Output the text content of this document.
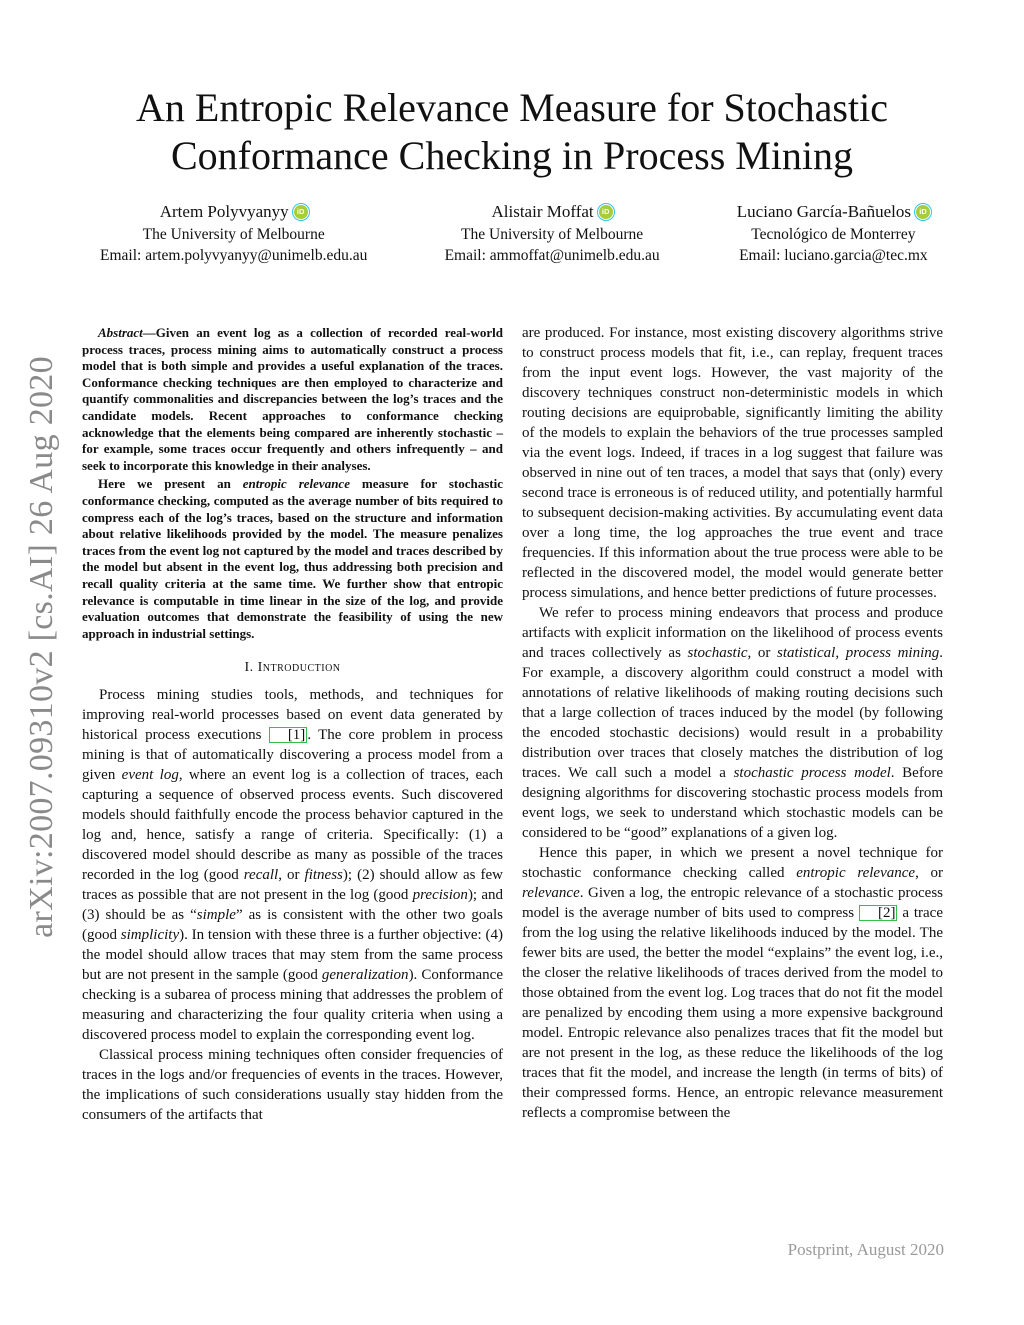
arXiv:2007.09310v2 [cs.AI] 26 Aug 2020
An Entropic Relevance Measure for Stochastic
Conformance Checking in Process Mining
Artem Polyvyanyy	iD
The University of Melbourne
Email: artem.polyvyanyy@unimelb.edu.au
Alistair Moffat	iD
The University of Melbourne
Email: ammoffat@unimelb.edu.au
Luciano García-Bañuelos	iD
Tecnológico de Monterrey
Email: luciano.garcia@tec.mx

Abstract—Given an event log as a collection of recorded real-world process traces, process mining aims to automatically construct a process model that is both simple and provides a useful explanation of the traces. Conformance checking techniques are then employed to characterize and quantify commonalities and discrepancies between the log’s traces and the candidate models. Recent approaches to conformance checking acknowledge that the elements being compared are inherently stochastic – for example, some traces occur frequently and others infrequently – and seek to incorporate this knowledge in their analyses.

Here we present an entropic relevance measure for stochastic conformance checking, computed as the average number of bits required to compress each of the log’s traces, based on the structure and information about relative likelihoods provided by the model. The measure penalizes traces from the event log not captured by the model and traces described by the model but absent in the event log, thus addressing both precision and recall quality criteria at the same time. We further show that entropic relevance is computable in time linear in the size of the log, and provide evaluation outcomes that demonstrate the feasibility of using the new approach in industrial settings.

I. Introduction

Process mining studies tools, methods, and techniques for improving real-world processes based on event data generated by historical process executions [1] . The core problem in process mining is that of automatically discovering a process model from a given event log, where an event log is a collection of traces, each capturing a sequence of observed process events. Such discovered models should faithfully encode the process behavior captured in the log and, hence, satisfy a range of criteria. Specifically: (1) a discovered model should describe as many as possible of the traces recorded in the log (good recall, or fitness); (2) should allow as few traces as possible that are not present in the log (good precision); and (3) should be as “simple” as is consistent with the other two goals (good simplicity). In tension with these three is a further objective: (4) the model should allow traces that may stem from the same process but are not present in the sample (good generalization). Conformance checking is a subarea of process mining that addresses the problem of measuring and characterizing the four quality criteria when using a discovered process model to explain the corresponding event log.

Classical process mining techniques often consider frequencies of traces in the logs and/or frequencies of events in the traces. However, the implications of such considerations usually stay hidden from the consumers of the artifacts that

are produced. For instance, most existing discovery algorithms strive to construct process models that fit, i.e., can replay, frequent traces from the input event logs. However, the vast majority of the discovery techniques construct non-deterministic models in which routing decisions are equiprobable, significantly limiting the ability of the models to explain the behaviors of the true processes sampled via the event logs. Indeed, if traces in a log suggest that failure was observed in nine out of ten traces, a model that says that (only) every second trace is erroneous is of reduced utility, and potentially harmful to subsequent decision-making activities. By accumulating event data over a long time, the log approaches the true event and trace frequencies. If this information about the true process were able to be reflected in the discovered model, the model would generate better process simulations, and hence better predictions of future processes.

We refer to process mining endeavors that process and produce artifacts with explicit information on the likelihood of process events and traces collectively as stochastic, or statistical, process mining. For example, a discovery algorithm could construct a model with annotations of relative likelihoods of making routing decisions such that a large collection of traces induced by the model (by following the encoded stochastic decisions) would result in a probability distribution over traces that closely matches the distribution of log traces. We call such a model a stochastic process model. Before designing algorithms for discovering stochastic process models from event logs, we seek to understand which stochastic models can be considered to be “good” explanations of a given log.

Hence this paper, in which we present a novel technique for stochastic conformance checking called entropic relevance, or relevance. Given a log, the entropic relevance of a stochastic process model is the average number of bits used to compress [2] a trace from the log using the relative likelihoods induced by the model. The fewer bits are used, the better the model “explains” the event log, i.e., the closer the relative likelihoods of traces derived from the model to those obtained from the event log. Log traces that do not fit the model are penalized by encoding them using a more expensive background model. Entropic relevance also penalizes traces that fit the model but are not present in the log, as these reduce the likelihoods of the log traces that fit the model, and increase the length (in terms of bits) of their compressed forms. Hence, an entropic relevance measurement reflects a compromise between the

Postprint, August 2020
